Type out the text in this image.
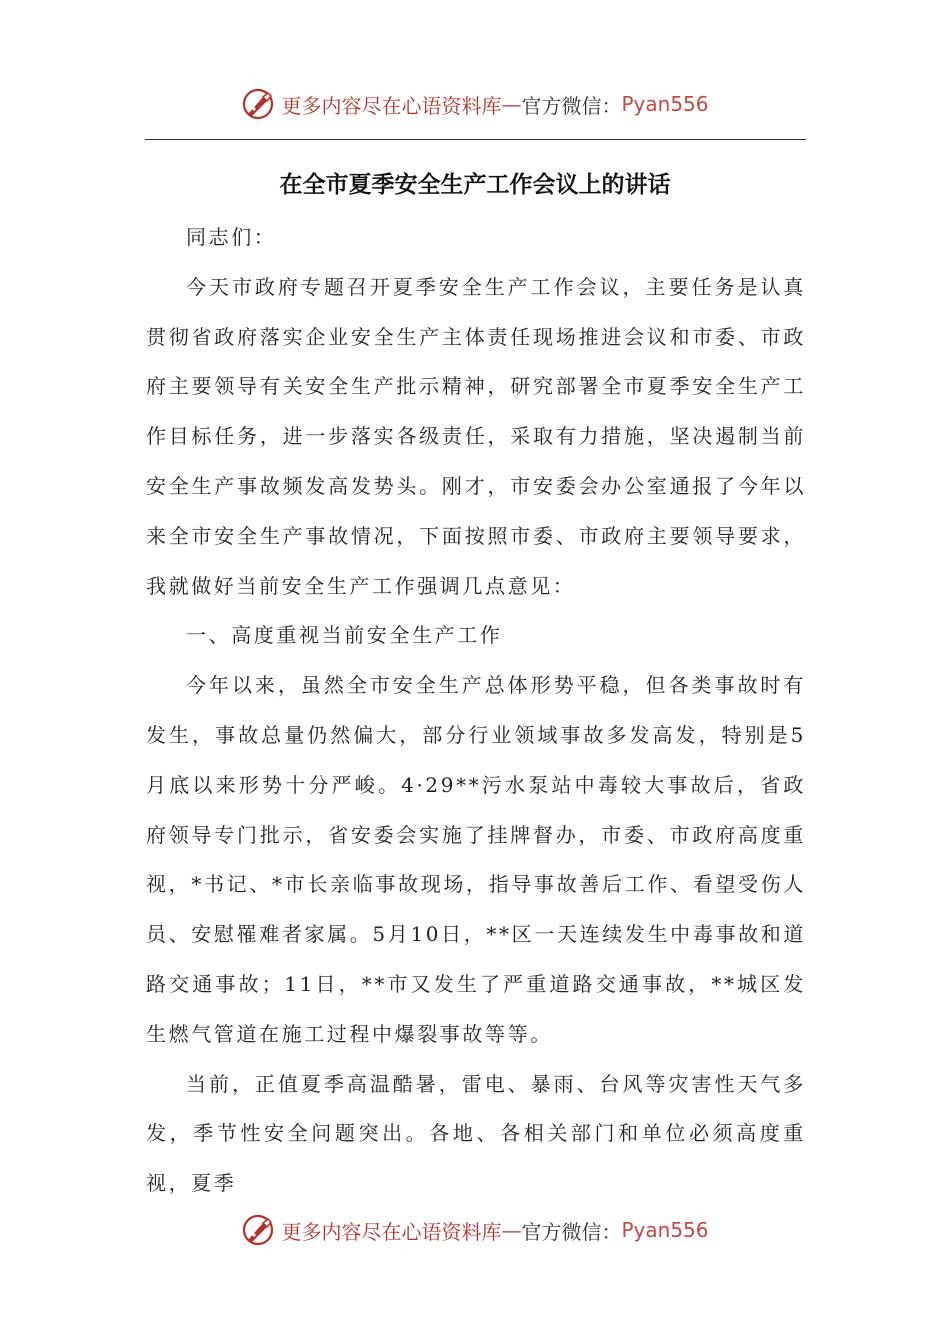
更多内容尽在心语资料库 — 官方微信： Pyan556
在全市夏季安全生产工作会议上的讲话

同志们：

今天市政府专题召开夏季安全生产工作会议，主要任务是认真贯彻省政府落实企业安全生产主体责任现场推进会议和市委、市政府主要领导有关安全生产批示精神，研究部署全市夏季安全生产工作目标任务，进一步落实各级责任，采取有力措施，坚决遏制当前安全生产事故频发高发势头。刚才，市安委会办公室通报了今年以来全市安全生产事故情况，下面按照市委、市政府主要领导要求，我就做好当前安全生产工作强调几点意见：

一、高度重视当前安全生产工作

今年以来，虽然全市安全生产总体形势平稳，但各类事故时有发生，事故总量仍然偏大，部分行业领域事故多发高发，特别是5月底以来形势十分严峻。4·29**污水泵站中毒较大事故后，省政府领导专门批示，省安委会实施了挂牌督办，市委、市政府高度重视，*书记、*市长亲临事故现场，指导事故善后工作、看望受伤人员、安慰罹难者家属。5月10日，**区一天连续发生中毒事故和道路交通事故；11日，**市又发生了严重道路交通事故，**城区发生燃气管道在施工过程中爆裂事故等等。

当前，正值夏季高温酷暑，雷电、暴雨、台风等灾害性天气多发，季节性安全问题突出。各地、各相关部门和单位必须高度重视，夏季

更多内容尽在心语资料库 — 官方微信： Pyan556
